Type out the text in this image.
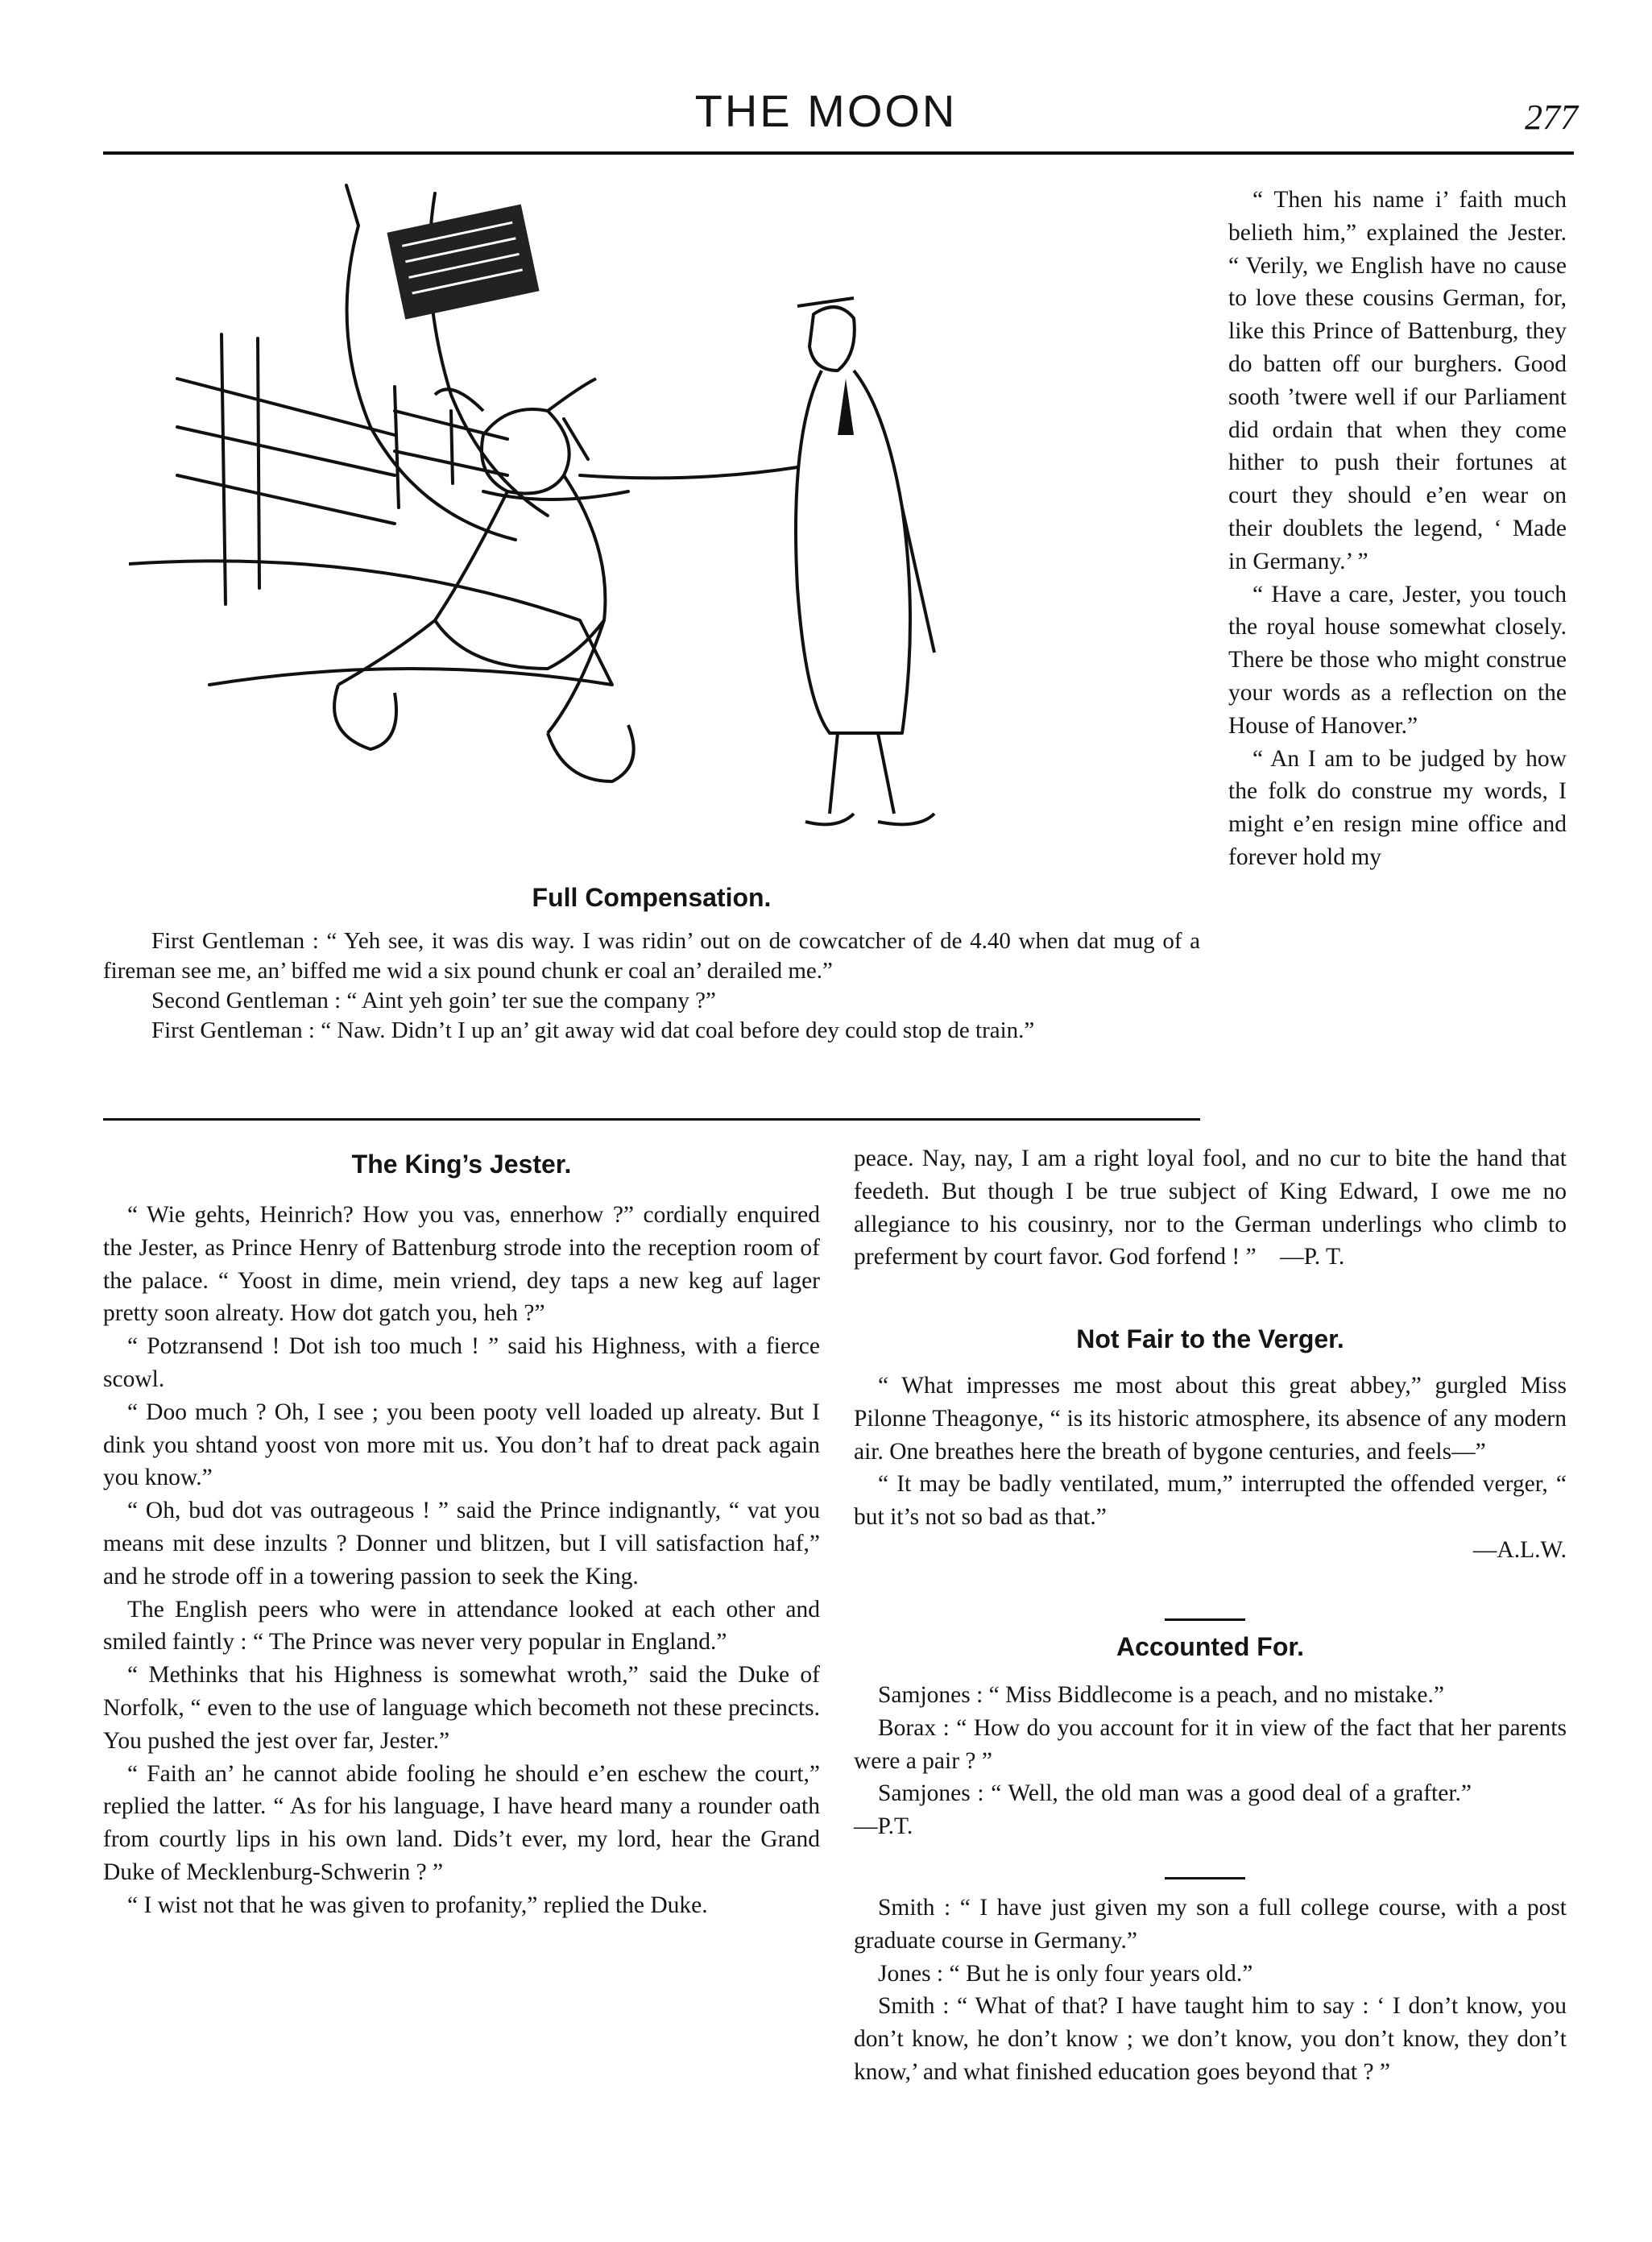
THE MOON	277
Full Compensation.

First Gentleman : “ Yeh see, it was dis way. I was ridin’ out on de cowcatcher of de 4.40 when dat mug of a fireman see me, an’ biffed me wid a six pound chunk er coal an’ derailed me.”

Second Gentleman : “ Aint yeh goin’ ter sue the company ?”

First Gentleman : “ Naw. Didn’t I up an’ git away wid dat coal before dey could stop de train.”

“ Then his name i’ faith much belieth him,” explained the Jester. “ Verily, we English have no cause to love these cousins German, for, like this Prince of Battenburg, they do batten off our burghers. Good sooth ’twere well if our Parliament did ordain that when they come hither to push their fortunes at court they should e’en wear on their doublets the legend, ‘ Made in Germany.’ ”

“ Have a care, Jester, you touch the royal house somewhat closely. There be those who might construe your words as a reflection on the House of Hanover.”

“ An I am to be judged by how the folk do construe my words, I might e’en resign mine office and forever hold my

The King’s Jester.

“ Wie gehts, Heinrich? How you vas, ennerhow ?” cordially enquired the Jester, as Prince Henry of Battenburg strode into the reception room of the palace. “ Yoost in dime, mein vriend, dey taps a new keg auf lager pretty soon alreaty. How dot gatch you, heh ?”

“ Potzransend ! Dot ish too much ! ” said his Highness, with a fierce scowl.

“ Doo much ? Oh, I see ; you been pooty vell loaded up alreaty. But I dink you shtand yoost von more mit us. You don’t haf to dreat pack again you know.”

“ Oh, bud dot vas outrageous ! ” said the Prince indignantly, “ vat you means mit dese inzults ? Donner und blitzen, but I vill satisfaction haf,” and he strode off in a towering passion to seek the King.

The English peers who were in attendance looked at each other and smiled faintly : “ The Prince was never very popular in England.”

“ Methinks that his Highness is somewhat wroth,” said the Duke of Norfolk, “ even to the use of language which becometh not these precincts. You pushed the jest over far, Jester.”

“ Faith an’ he cannot abide fooling he should e’en eschew the court,” replied the latter. “ As for his language, I have heard many a rounder oath from courtly lips in his own land. Dids’t ever, my lord, hear the Grand Duke of Mecklenburg-Schwerin ? ”

“ I wist not that he was given to profanity,” replied the Duke.

peace. Nay, nay, I am a right loyal fool, and no cur to bite the hand that feedeth. But though I be true subject of King Edward, I owe me no allegiance to his cousinry, nor to the German underlings who climb to preferment by court favor. God forfend ! ” —P. T.

Not Fair to the Verger.

“ What impresses me most about this great abbey,” gurgled Miss Pilonne Theagonye, “ is its historic atmosphere, its absence of any modern air. One breathes here the breath of bygone centuries, and feels—”

“ It may be badly ventilated, mum,” interrupted the offended verger, “ but it’s not so bad as that.”

—A.L.W.

Accounted For.

Samjones : “ Miss Biddlecome is a peach, and no mistake.”

Borax : “ How do you account for it in view of the fact that her parents were a pair ? ”

Samjones : “ Well, the old man was a good deal of a grafter.”    —P.T.

Smith : “ I have just given my son a full college course, with a post graduate course in Germany.”

Jones : “ But he is only four years old.”

Smith : “ What of that? I have taught him to say : ‘ I don’t know, you don’t know, he don’t know ; we don’t know, you don’t know, they don’t know,’ and what finished education goes beyond that ? ”
